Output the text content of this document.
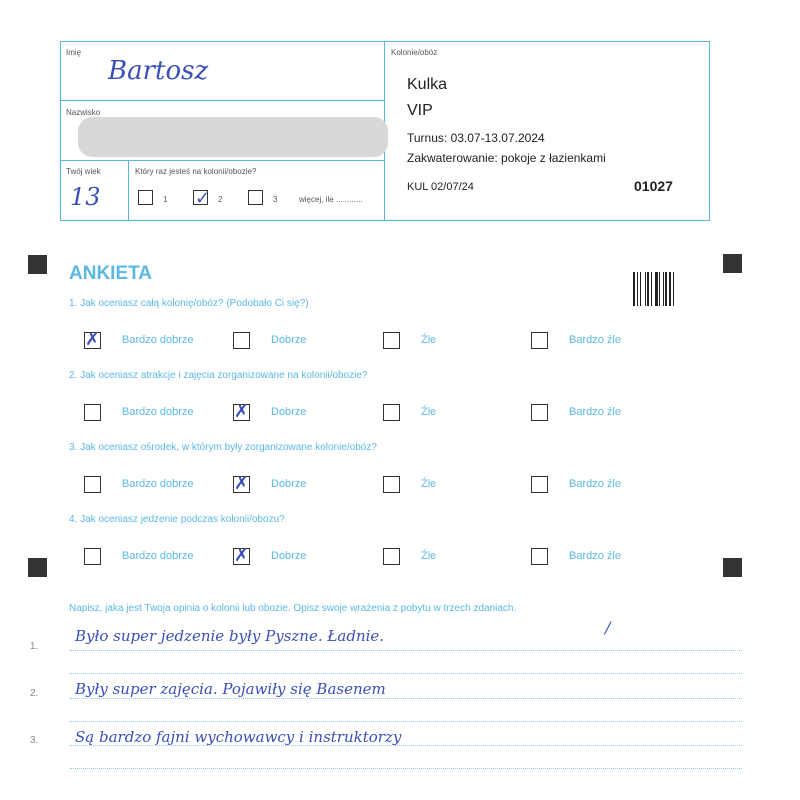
Imię
Bartosz
Nazwisko
Twój wiek
13
Który raz jesteś na kolonii/obozie?
1 ✓ 2	3	więcej, ile ............
Kolonie/obóz
Kulka
VIP
Turnus: 03.07-13.07.2024
Zakwaterowanie: pokoje z łazienkami
KUL 02/07/24	01027
ANKIETA
1. Jak oceniasz całą kolonię/obóz? (Podobało Ci się?)
✗ Bardzo dobrze	Dobrze	Źle	Bardzo źle
2. Jak oceniasz atrakcje i zajęcia zorganizowane na kolonii/obozie?
Bardzo dobrze ✗ Dobrze	Źle	Bardzo źle
3. Jak oceniasz ośrodek, w którym były zorganizowane kolonie/obóz?
Bardzo dobrze ✗ Dobrze	Źle	Bardzo źle
4. Jak oceniasz jedzenie podczas kolonii/obozu?
Bardzo dobrze ✗ Dobrze	Źle	Bardzo źle
Napisz, jaka jest Twoja opinia o kolonii lub obozie. Opisz swoje wrażenia z pobytu w trzech zdaniach.
/
1.
2.
3.
Było super jedzenie były Pyszne. Ładnie.
Były super zajęcia. Pojawiły się Basenem
Są bardzo fajni wychowawcy i instruktorzy
